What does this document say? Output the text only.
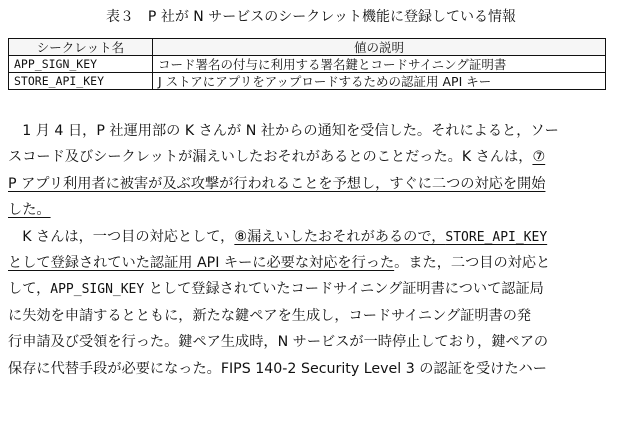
表３　P 社が N サービスのシークレット機能に登録している情報
シークレット名	値の説明
APP_SIGN_KEY	コード署名の付与に利用する署名鍵とコードサイニング証明書
STORE_API_KEY	J ストアにアプリをアップロードするための認証用 API キー
　1 月 4 日，P 社運用部の K さんが N 社からの通知を受信した。それによると，ソー
スコード及びシークレットが漏えいしたおそれがあるとのことだった。K さんは，⑦
P アプリ利用者に被害が及ぶ攻撃が行われることを予想し，すぐに二つの対応を開始
した。
　K さんは，一つ目の対応として，⑧漏えいしたおそれがあるので，STORE_API_KEY
として登録されていた認証用 API キーに必要な対応を行った。また，二つ目の対応と
して，APP_SIGN_KEY として登録されていたコードサイニング証明書について認証局
に失効を申請するとともに，新たな鍵ペアを生成し，コードサイニング証明書の発
行申請及び受領を行った。鍵ペア生成時，N サービスが一時停止しており，鍵ペアの
保存に代替手段が必要になった。FIPS 140-2 Security Level 3 の認証を受けたハー
